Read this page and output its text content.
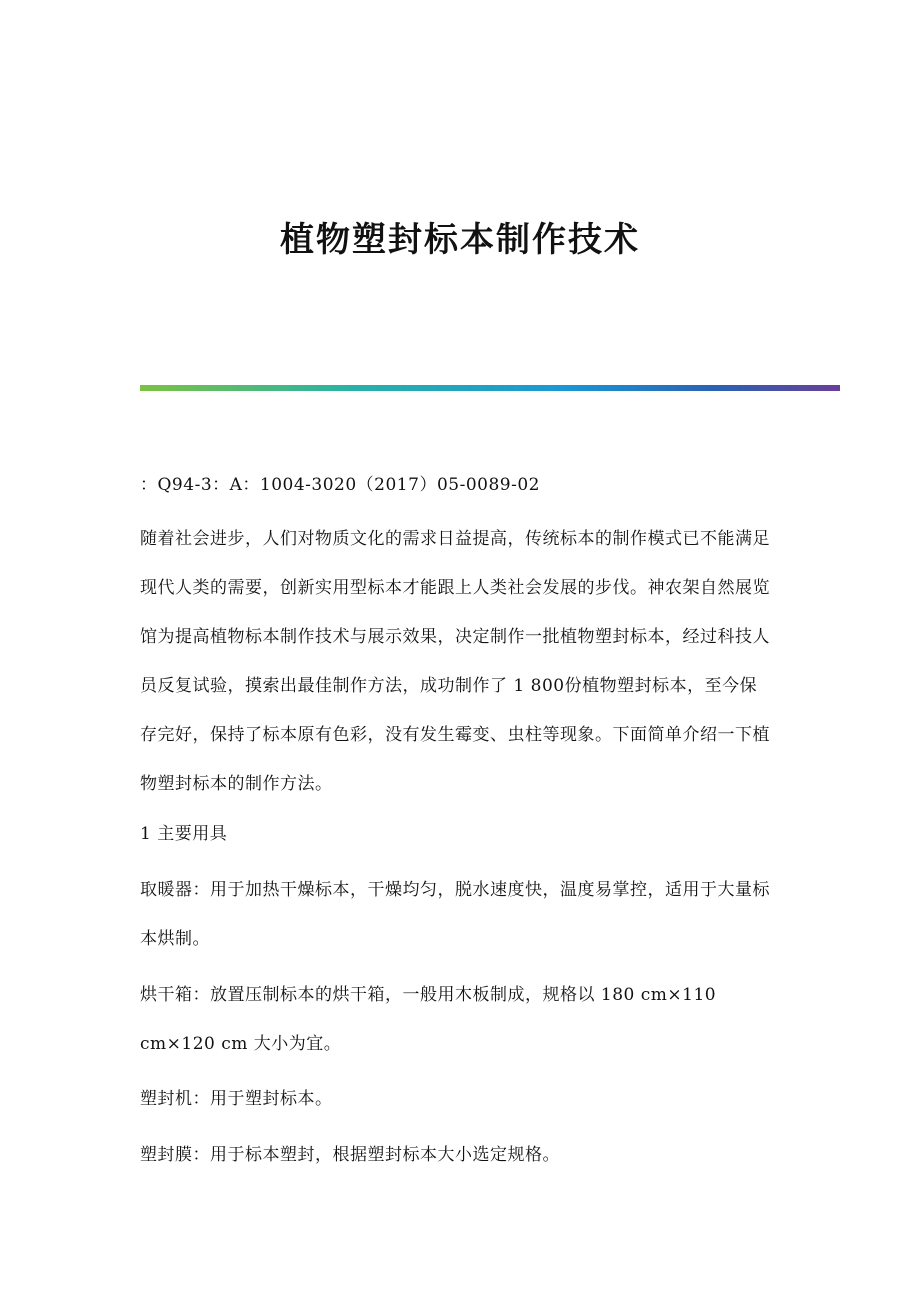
植物塑封标本制作技术

：Q94-3：A：1004-3020（2017）05-0089-02

随着社会进步，人们对物质文化的需求日益提高，传统标本的制作模式已不能满足现代人类的需要，创新实用型标本才能跟上人类社会发展的步伐。神农架自然展览馆为提高植物标本制作技术与展示效果，决定制作一批植物塑封标本，经过科技人员反复试验，摸索出最佳制作方法，成功制作了 1 800份植物塑封标本，至今保存完好，保持了标本原有色彩，没有发生霉变、虫柱等现象。下面简单介绍一下植物塑封标本的制作方法。

1 主要用具

取暖器：用于加热干燥标本，干燥均匀，脱水速度快，温度易掌控，适用于大量标本烘制。

烘干箱：放置压制标本的烘干箱，一般用木板制成，规格以 180 cm×110 cm×120 cm 大小为宜。

塑封机：用于塑封标本。

塑封膜：用于标本塑封，根据塑封标本大小选定规格。
